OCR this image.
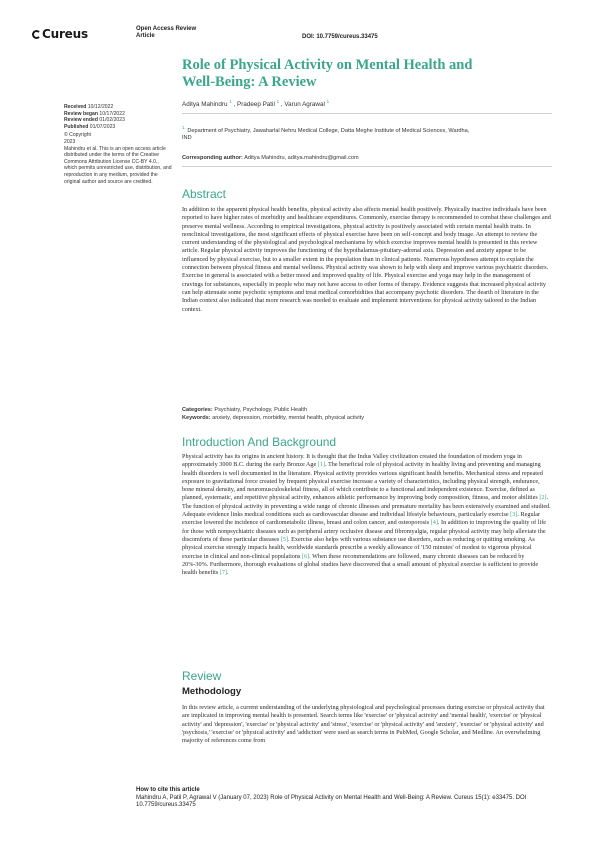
Cureus	Open Access Review
Article	DOI: 10.7759/cureus.33475
Role of Physical Activity on Mental Health and Well-Being: A Review
Aditya Mahindru $^1$ , Pradeep Patil $^1$ , Varun Agrawal $^1$
$^{1.}$ Department of Psychiatry, Jawaharlal Nehru Medical College, Datta Meghe Institute of Medical Sciences, Wardha, IND
Corresponding author: Aditya Mahindru, aditya.mahindru@gmail.com
Received 10/12/2022
Review began 10/17/2022
Review ended 01/02/2023
Published 01/07/2023
© Copyright
2023
Mahindru et al. This is an open access article distributed under the terms of the Creative Commons Attribution License CC-BY 4.0., which permits unrestricted use, distribution, and reproduction in any medium, provided the original author and source are credited.
Abstract
In addition to the apparent physical health benefits, physical activity also affects mental health positively. Physically inactive individuals have been reported to have higher rates of morbidity and healthcare expenditures. Commonly, exercise therapy is recommended to combat these challenges and preserve mental wellness. According to empirical investigations, physical activity is positively associated with certain mental health traits. In nonclinical investigations, the most significant effects of physical exercise have been on self-concept and body image. An attempt to review the current understanding of the physiological and psychological mechanisms by which exercise improves mental health is presented in this review article. Regular physical activity improves the functioning of the hypothalamus-pituitary-adrenal axis. Depression and anxiety appear to be influenced by physical exercise, but to a smaller extent in the population than in clinical patients. Numerous hypotheses attempt to explain the connection between physical fitness and mental wellness. Physical activity was shown to help with sleep and improve various psychiatric disorders. Exercise in general is associated with a better mood and improved quality of life. Physical exercise and yoga may help in the management of cravings for substances, especially in people who may not have access to other forms of therapy. Evidence suggests that increased physical activity can help attenuate some psychotic symptoms and treat medical comorbidities that accompany psychotic disorders. The dearth of literature in the Indian context also indicated that more research was needed to evaluate and implement interventions for physical activity tailored to the Indian context.
Categories: Psychiatry, Psychology, Public Health
Keywords: anxiety, depression, morbidity, mental health, physical activity
Introduction And Background

Physical activity has its origins in ancient history. It is thought that the Indus Valley civilization created the foundation of modern yoga in approximately 3000 B.C. during the early Bronze Age [1]. The beneficial role of physical activity in healthy living and preventing and managing health disorders is well documented in the literature. Physical activity provides various significant health benefits. Mechanical stress and repeated exposure to gravitational force created by frequent physical exercise increase a variety of characteristics, including physical strength, endurance, bone mineral density, and neuromusculoskeletal fitness, all of which contribute to a functional and independent existence. Exercise, defined as planned, systematic, and repetitive physical activity, enhances athletic performance by improving body composition, fitness, and motor abilities [2]. The function of physical activity in preventing a wide range of chronic illnesses and premature mortality has been extensively examined and studied. Adequate evidence links medical conditions such as cardiovascular disease and individual lifestyle behaviours, particularly exercise [3]. Regular exercise lowered the incidence of cardiometabolic illness, breast and colon cancer, and osteoporosis [4]. In addition to improving the quality of life for those with nonpsychiatric diseases such as peripheral artery occlusive disease and fibromyalgia, regular physical activity may help alleviate the discomforts of these particular diseases [5]. Exercise also helps with various substance use disorders, such as reducing or quitting smoking. As physical exercise strongly impacts health, worldwide standards prescribe a weekly allowance of '150 minutes' of modest to vigorous physical exercise in clinical and non-clinical populations [6]. When these recommendations are followed, many chronic diseases can be reduced by 20%-30%. Furthermore, thorough evaluations of global studies have discovered that a small amount of physical exercise is sufficient to provide health benefits [7].

Review
Methodology
In this review article, a current understanding of the underlying physiological and psychological processes during exercise or physical activity that are implicated in improving mental health is presented. Search terms like 'exercise' or 'physical activity' and 'mental health', 'exercise' or 'physical activity' and 'depression', 'exercise' or 'physical activity' and 'stress', 'exercise' or 'physical activity' and 'anxiety', 'exercise' or 'physical activity' and 'psychosis,' 'exercise' or 'physical activity' and 'addiction' were used as search terms in PubMed, Google Scholar, and Medline. An overwhelming majority of references come from
How to cite this article
Mahindru A, Patil P, Agrawal V (January 07, 2023) Role of Physical Activity on Mental Health and Well-Being: A Review. Cureus 15(1): e33475. DOI 10.7759/cureus.33475
